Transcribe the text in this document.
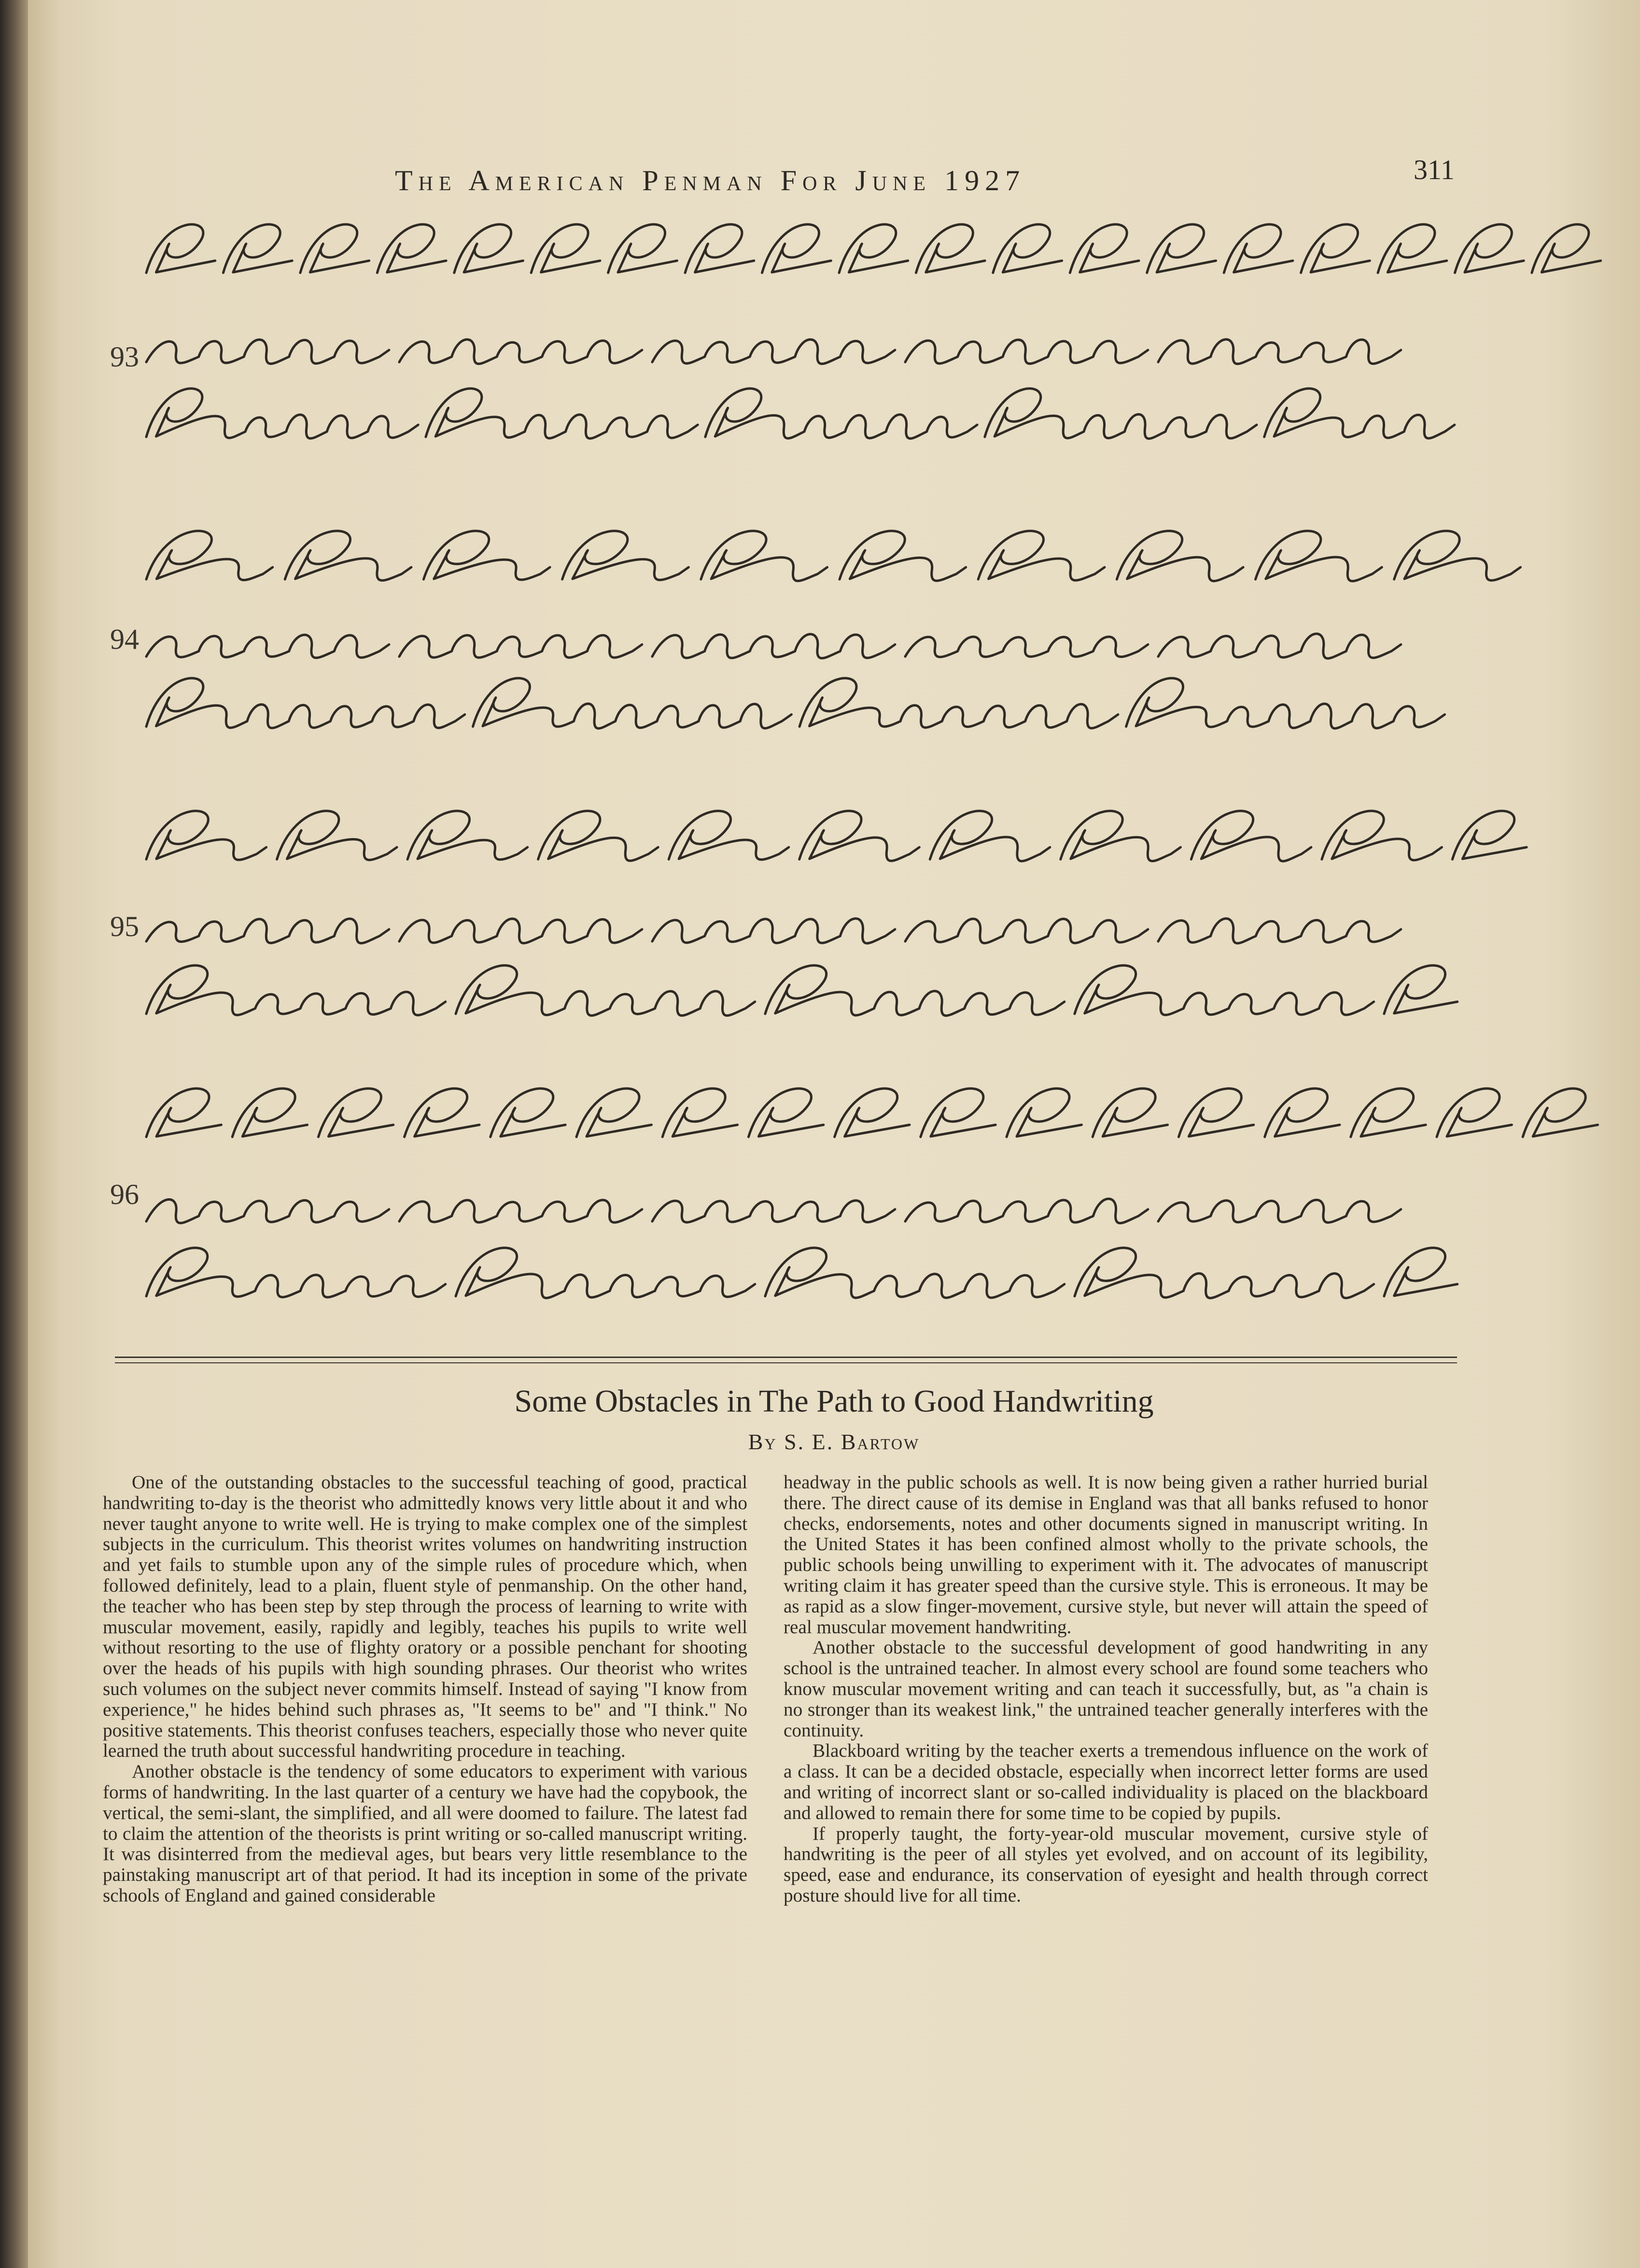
The American Penman For June 1927	311
93
94
95
96
Some Obstacles in The Path to Good Handwriting
By S. E. Bartow

One of the outstanding obstacles to the successful teaching of good, practical handwriting to-day is the theorist who admittedly knows very little about it and who never taught anyone to write well. He is trying to make complex one of the simplest subjects in the curriculum. This theorist writes volumes on handwriting instruction and yet fails to stumble upon any of the simple rules of procedure which, when followed definitely, lead to a plain, fluent style of penmanship. On the other hand, the teacher who has been step by step through the process of learning to write with muscular movement, easily, rapidly and legibly, teaches his pupils to write well without resorting to the use of flighty oratory or a possible penchant for shooting over the heads of his pupils with high sounding phrases. Our theorist who writes such volumes on the subject never commits himself. Instead of saying "I know from experience," he hides behind such phrases as, "It seems to be" and "I think." No positive statements. This theorist confuses teachers, especially those who never quite learned the truth about successful handwriting procedure in teaching.

Another obstacle is the tendency of some educators to experiment with various forms of handwriting. In the last quarter of a century we have had the copybook, the vertical, the semi-slant, the simplified, and all were doomed to failure. The latest fad to claim the attention of the theorists is print writing or so-called manuscript writing. It was disinterred from the medieval ages, but bears very little resemblance to the painstaking manuscript art of that period. It had its inception in some of the private schools of England and gained considerable

headway in the public schools as well. It is now being given a rather hurried burial there. The direct cause of its demise in England was that all banks refused to honor checks, endorsements, notes and other documents signed in manuscript writing. In the United States it has been confined almost wholly to the private schools, the public schools being unwilling to experiment with it. The advocates of manuscript writing claim it has greater speed than the cursive style. This is erroneous. It may be as rapid as a slow finger-movement, cursive style, but never will attain the speed of real muscular movement handwriting.

Another obstacle to the successful development of good handwriting in any school is the untrained teacher. In almost every school are found some teachers who know muscular movement writing and can teach it successfully, but, as "a chain is no stronger than its weakest link," the untrained teacher generally interferes with the continuity.

Blackboard writing by the teacher exerts a tremendous influence on the work of a class. It can be a decided obstacle, especially when incorrect letter forms are used and writing of incorrect slant or so-called individuality is placed on the blackboard and allowed to remain there for some time to be copied by pupils.

If properly taught, the forty-year-old muscular movement, cursive style of handwriting is the peer of all styles yet evolved, and on account of its legibility, speed, ease and endurance, its conservation of eyesight and health through correct posture should live for all time.
